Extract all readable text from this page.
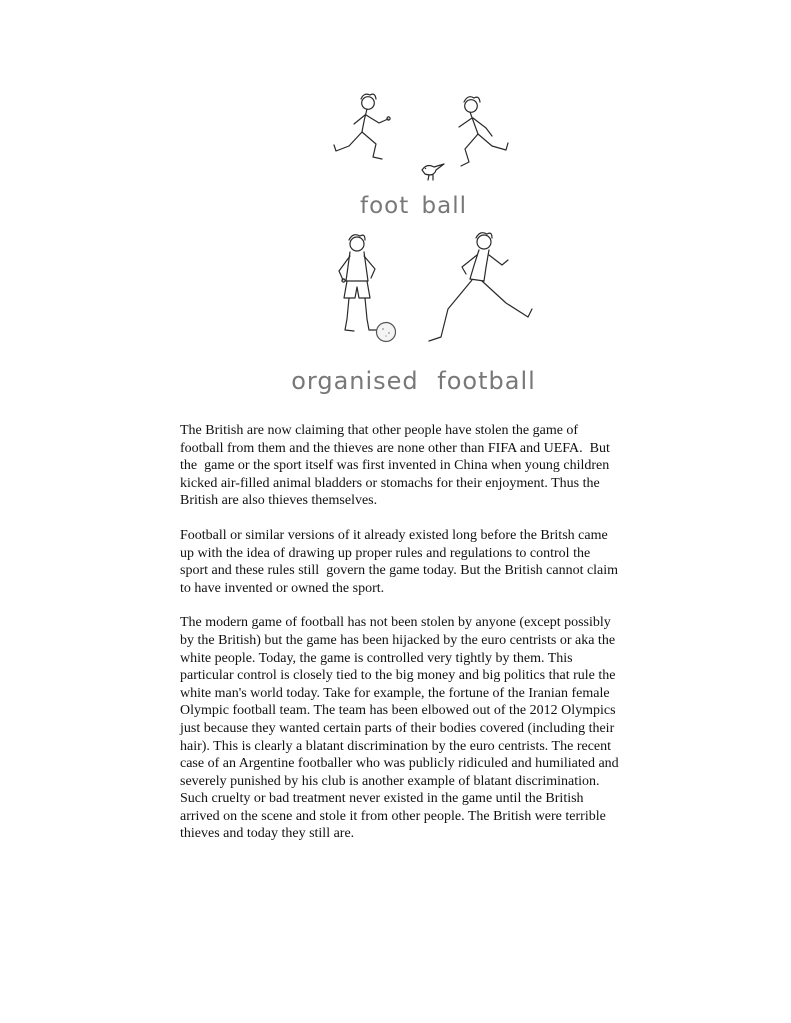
foot ball
organised football

The British are now claiming that other people have stolen the game of football from them and the thieves are none other than FIFA and UEFA.  But the  game or the sport itself was first invented in China when young children  kicked air-filled animal bladders or stomachs for their enjoyment. Thus the British are also thieves themselves.

Football or similar versions of it already existed long before the Britsh came up with the idea of drawing up proper rules and regulations to control the sport and these rules still  govern the game today. But the British cannot claim to have invented or owned the sport.

The modern game of football has not been stolen by anyone (except possibly by the British) but the game has been hijacked by the euro centrists or aka the white people. Today, the game is controlled very tightly by them. This particular control is closely tied to the big money and big politics that rule the white man's world today. Take for example, the fortune of the Iranian female Olympic football team. The team has been elbowed out of the 2012 Olympics just because they wanted certain parts of their bodies covered (including their hair). This is clearly a blatant discrimination by the euro centrists. The recent case of an Argentine footballer who was publicly ridiculed and humiliated and severely punished by his club is another example of blatant discrimination. Such cruelty or bad treatment never existed in the game until the British arrived on the scene and stole it from other people. The British were terrible thieves and today they still are.
